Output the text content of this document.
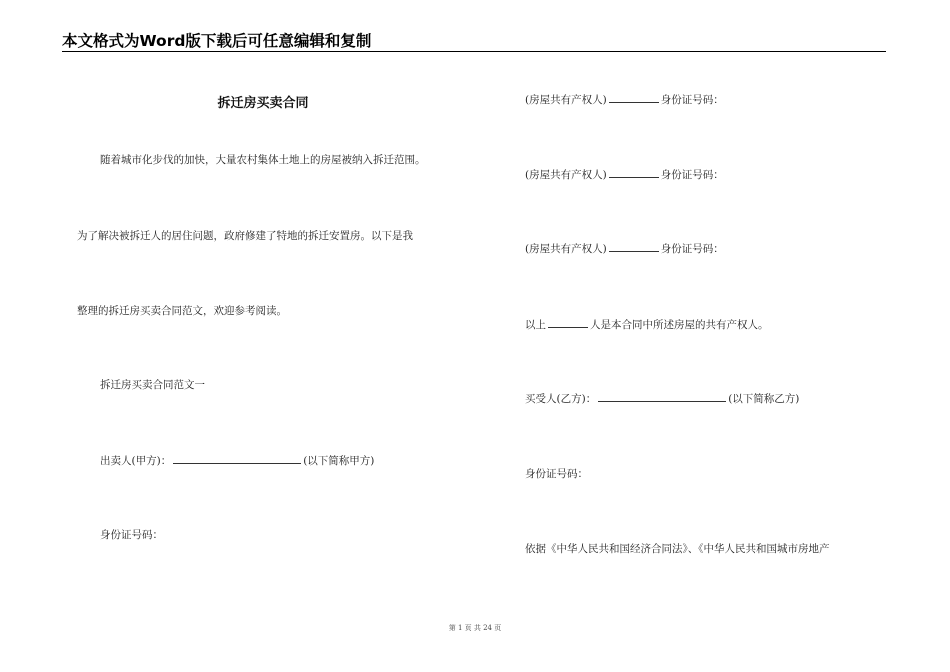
本文格式为Word版下载后可任意编辑和复制
拆迁房买卖合同
随着城市化步伐的加快，大量农村集体土地上的房屋被纳入拆迁范围。
为了解决被拆迁人的居住问题，政府修建了特地的拆迁安置房。以下是我
整理的拆迁房买卖合同范文，欢迎参考阅读。
拆迁房买卖合同范文一
出卖人(甲方)：	(以下简称甲方)
身份证号码：
(房屋共有产权人)	身份证号码：
(房屋共有产权人)	身份证号码：
(房屋共有产权人)	身份证号码：
以上	人是本合同中所述房屋的共有产权人。
买受人(乙方)：	(以下简称乙方)
身份证号码：
依据《中华人民共和国经济合同法》、《中华人民共和国城市房地产
第 1 页 共 24 页
